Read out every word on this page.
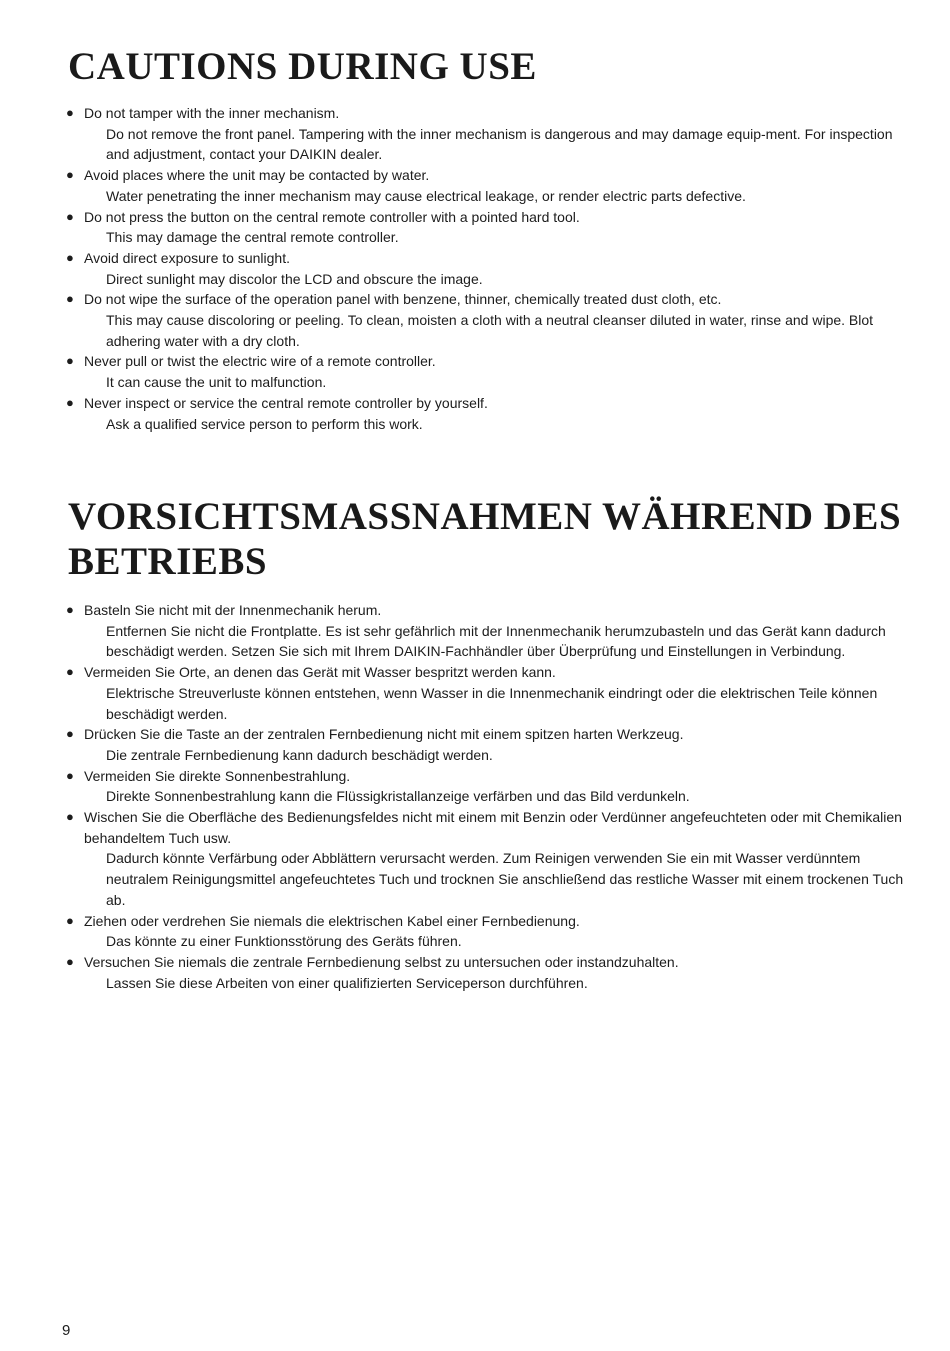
CAUTIONS DURING USE
● Do not tamper with the inner mechanism.
Do not remove the front panel. Tampering with the inner mechanism is dangerous and may damage equip-ment. For inspection and adjustment, contact your DAIKIN dealer.
● Avoid places where the unit may be contacted by water.
Water penetrating the inner mechanism may cause electrical leakage, or render electric parts defective.
● Do not press the button on the central remote controller with a pointed hard tool.
This may damage the central remote controller.
● Avoid direct exposure to sunlight.
Direct sunlight may discolor the LCD and obscure the image.
● Do not wipe the surface of the operation panel with benzene, thinner, chemically treated dust cloth, etc.
This may cause discoloring or peeling. To clean, moisten a cloth with a neutral cleanser diluted in water, rinse and wipe. Blot adhering water with a dry cloth.
● Never pull or twist the electric wire of a remote controller.
It can cause the unit to malfunction.
● Never inspect or service the central remote controller by yourself.
Ask a qualified service person to perform this work.
VORSICHTSMASSNAHMEN WÄHREND DES BETRIEBS
● Basteln Sie nicht mit der Innenmechanik herum.
Entfernen Sie nicht die Frontplatte. Es ist sehr gefährlich mit der Innenmechanik herumzubasteln und das Gerät kann dadurch beschädigt werden. Setzen Sie sich mit Ihrem DAIKIN-Fachhändler über Überprüfung und Einstellungen in Verbindung.
● Vermeiden Sie Orte, an denen das Gerät mit Wasser bespritzt werden kann.
Elektrische Streuverluste können entstehen, wenn Wasser in die Innenmechanik eindringt oder die elektrischen Teile können beschädigt werden.
● Drücken Sie die Taste an der zentralen Fernbedienung nicht mit einem spitzen harten Werkzeug.
Die zentrale Fernbedienung kann dadurch beschädigt werden.
● Vermeiden Sie direkte Sonnenbestrahlung.
Direkte Sonnenbestrahlung kann die Flüssigkristallanzeige verfärben und das Bild verdunkeln.
● Wischen Sie die Oberfläche des Bedienungsfeldes nicht mit einem mit Benzin oder Verdünner angefeuchteten oder mit Chemikalien behandeltem Tuch usw.
Dadurch könnte Verfärbung oder Abblättern verursacht werden. Zum Reinigen verwenden Sie ein mit Wasser verdünntem neutralem Reinigungsmittel angefeuchtetes Tuch und trocknen Sie anschließend das restliche Wasser mit einem trockenen Tuch ab.
● Ziehen oder verdrehen Sie niemals die elektrischen Kabel einer Fernbedienung.
Das könnte zu einer Funktionsstörung des Geräts führen.
● Versuchen Sie niemals die zentrale Fernbedienung selbst zu untersuchen oder instandzuhalten.
Lassen Sie diese Arbeiten von einer qualifizierten Serviceperson durchführen.
9
